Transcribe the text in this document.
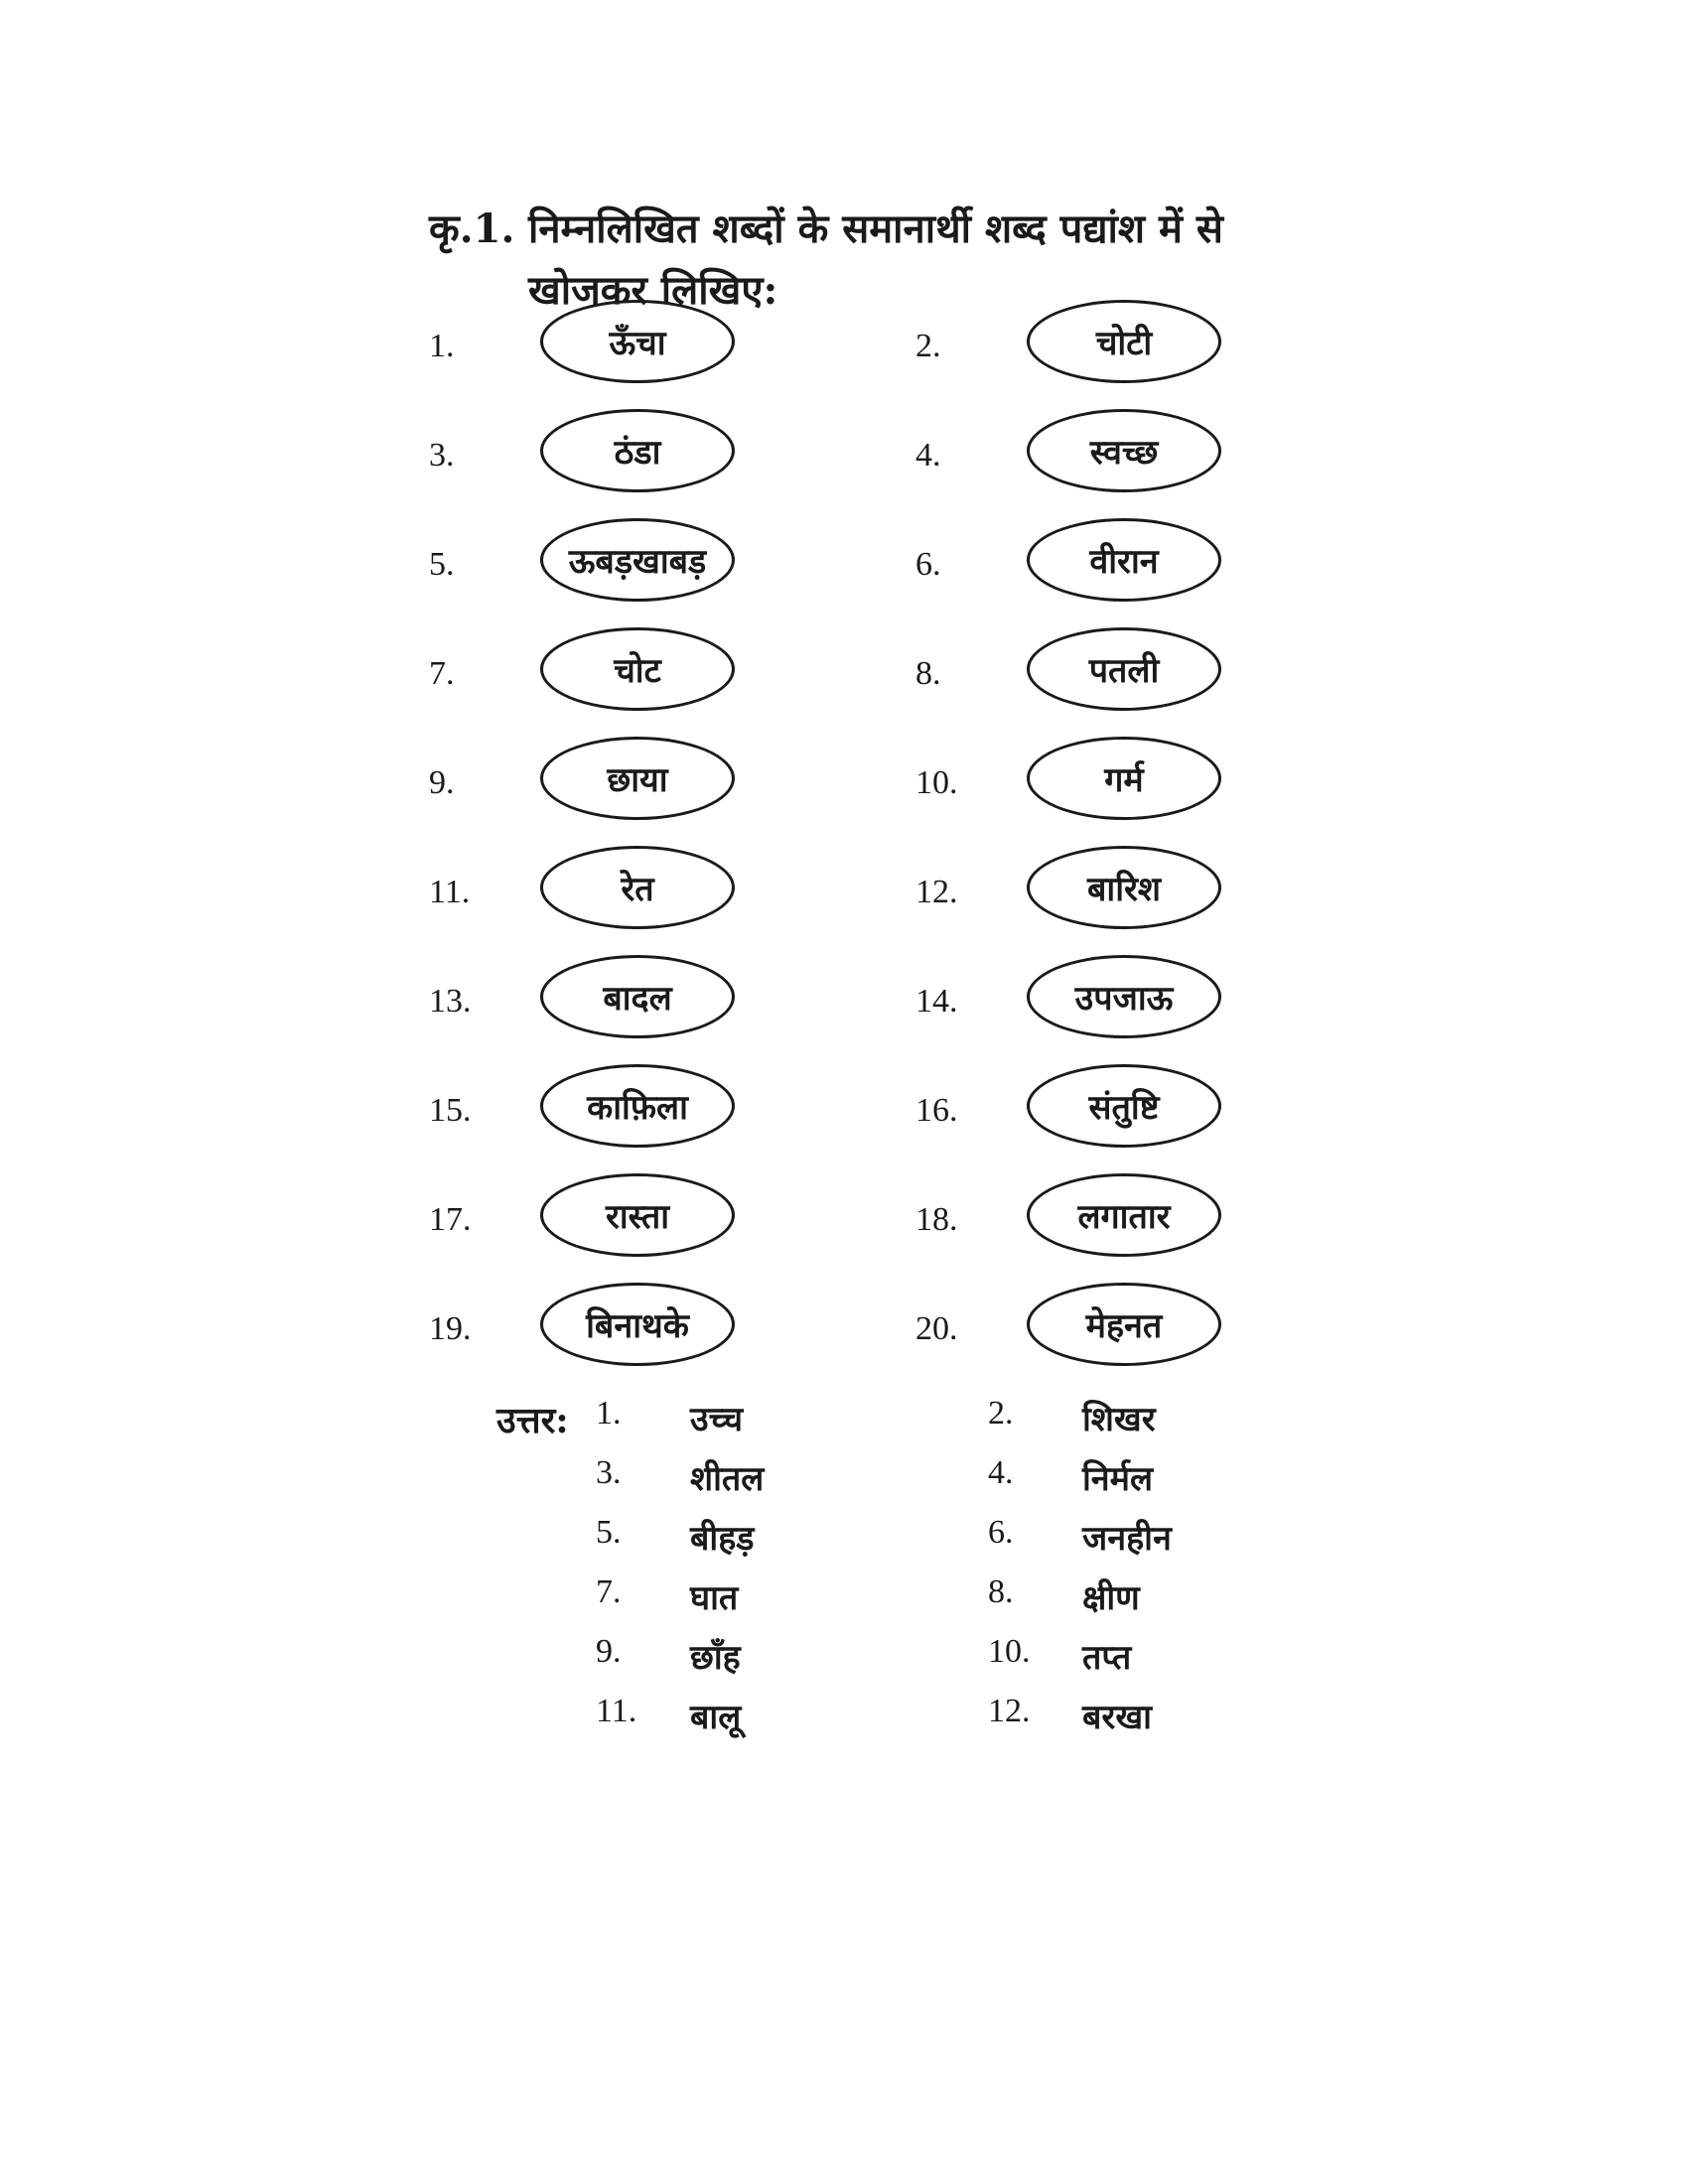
कृ.1. निम्नलिखित शब्दों के समानार्थी शब्द पद्यांश में से
खोजकर लिखिए:
1.	ऊँचा	2.	चोटी
3.	ठंडा	4.	स्वच्छ
5.	ऊबड़खाबड़	6.	वीरान
7.	चोट	8.	पतली
9.	छाया	10.	गर्म
11.	रेत	12.	बारिश
13.	बादल	14.	उपजाऊ
15.	काफ़िला	16.	संतुष्टि
17.	रास्ता	18.	लगातार
19.	बिनाथके	20.	मेहनत
उत्तर: 1. उच्च	2. शिखर
3. शीतल	4. निर्मल
5. बीहड़	6. जनहीन
7. घात	8. क्षीण
9. छाँह	10. तप्त
11. बालू	12. बरखा
